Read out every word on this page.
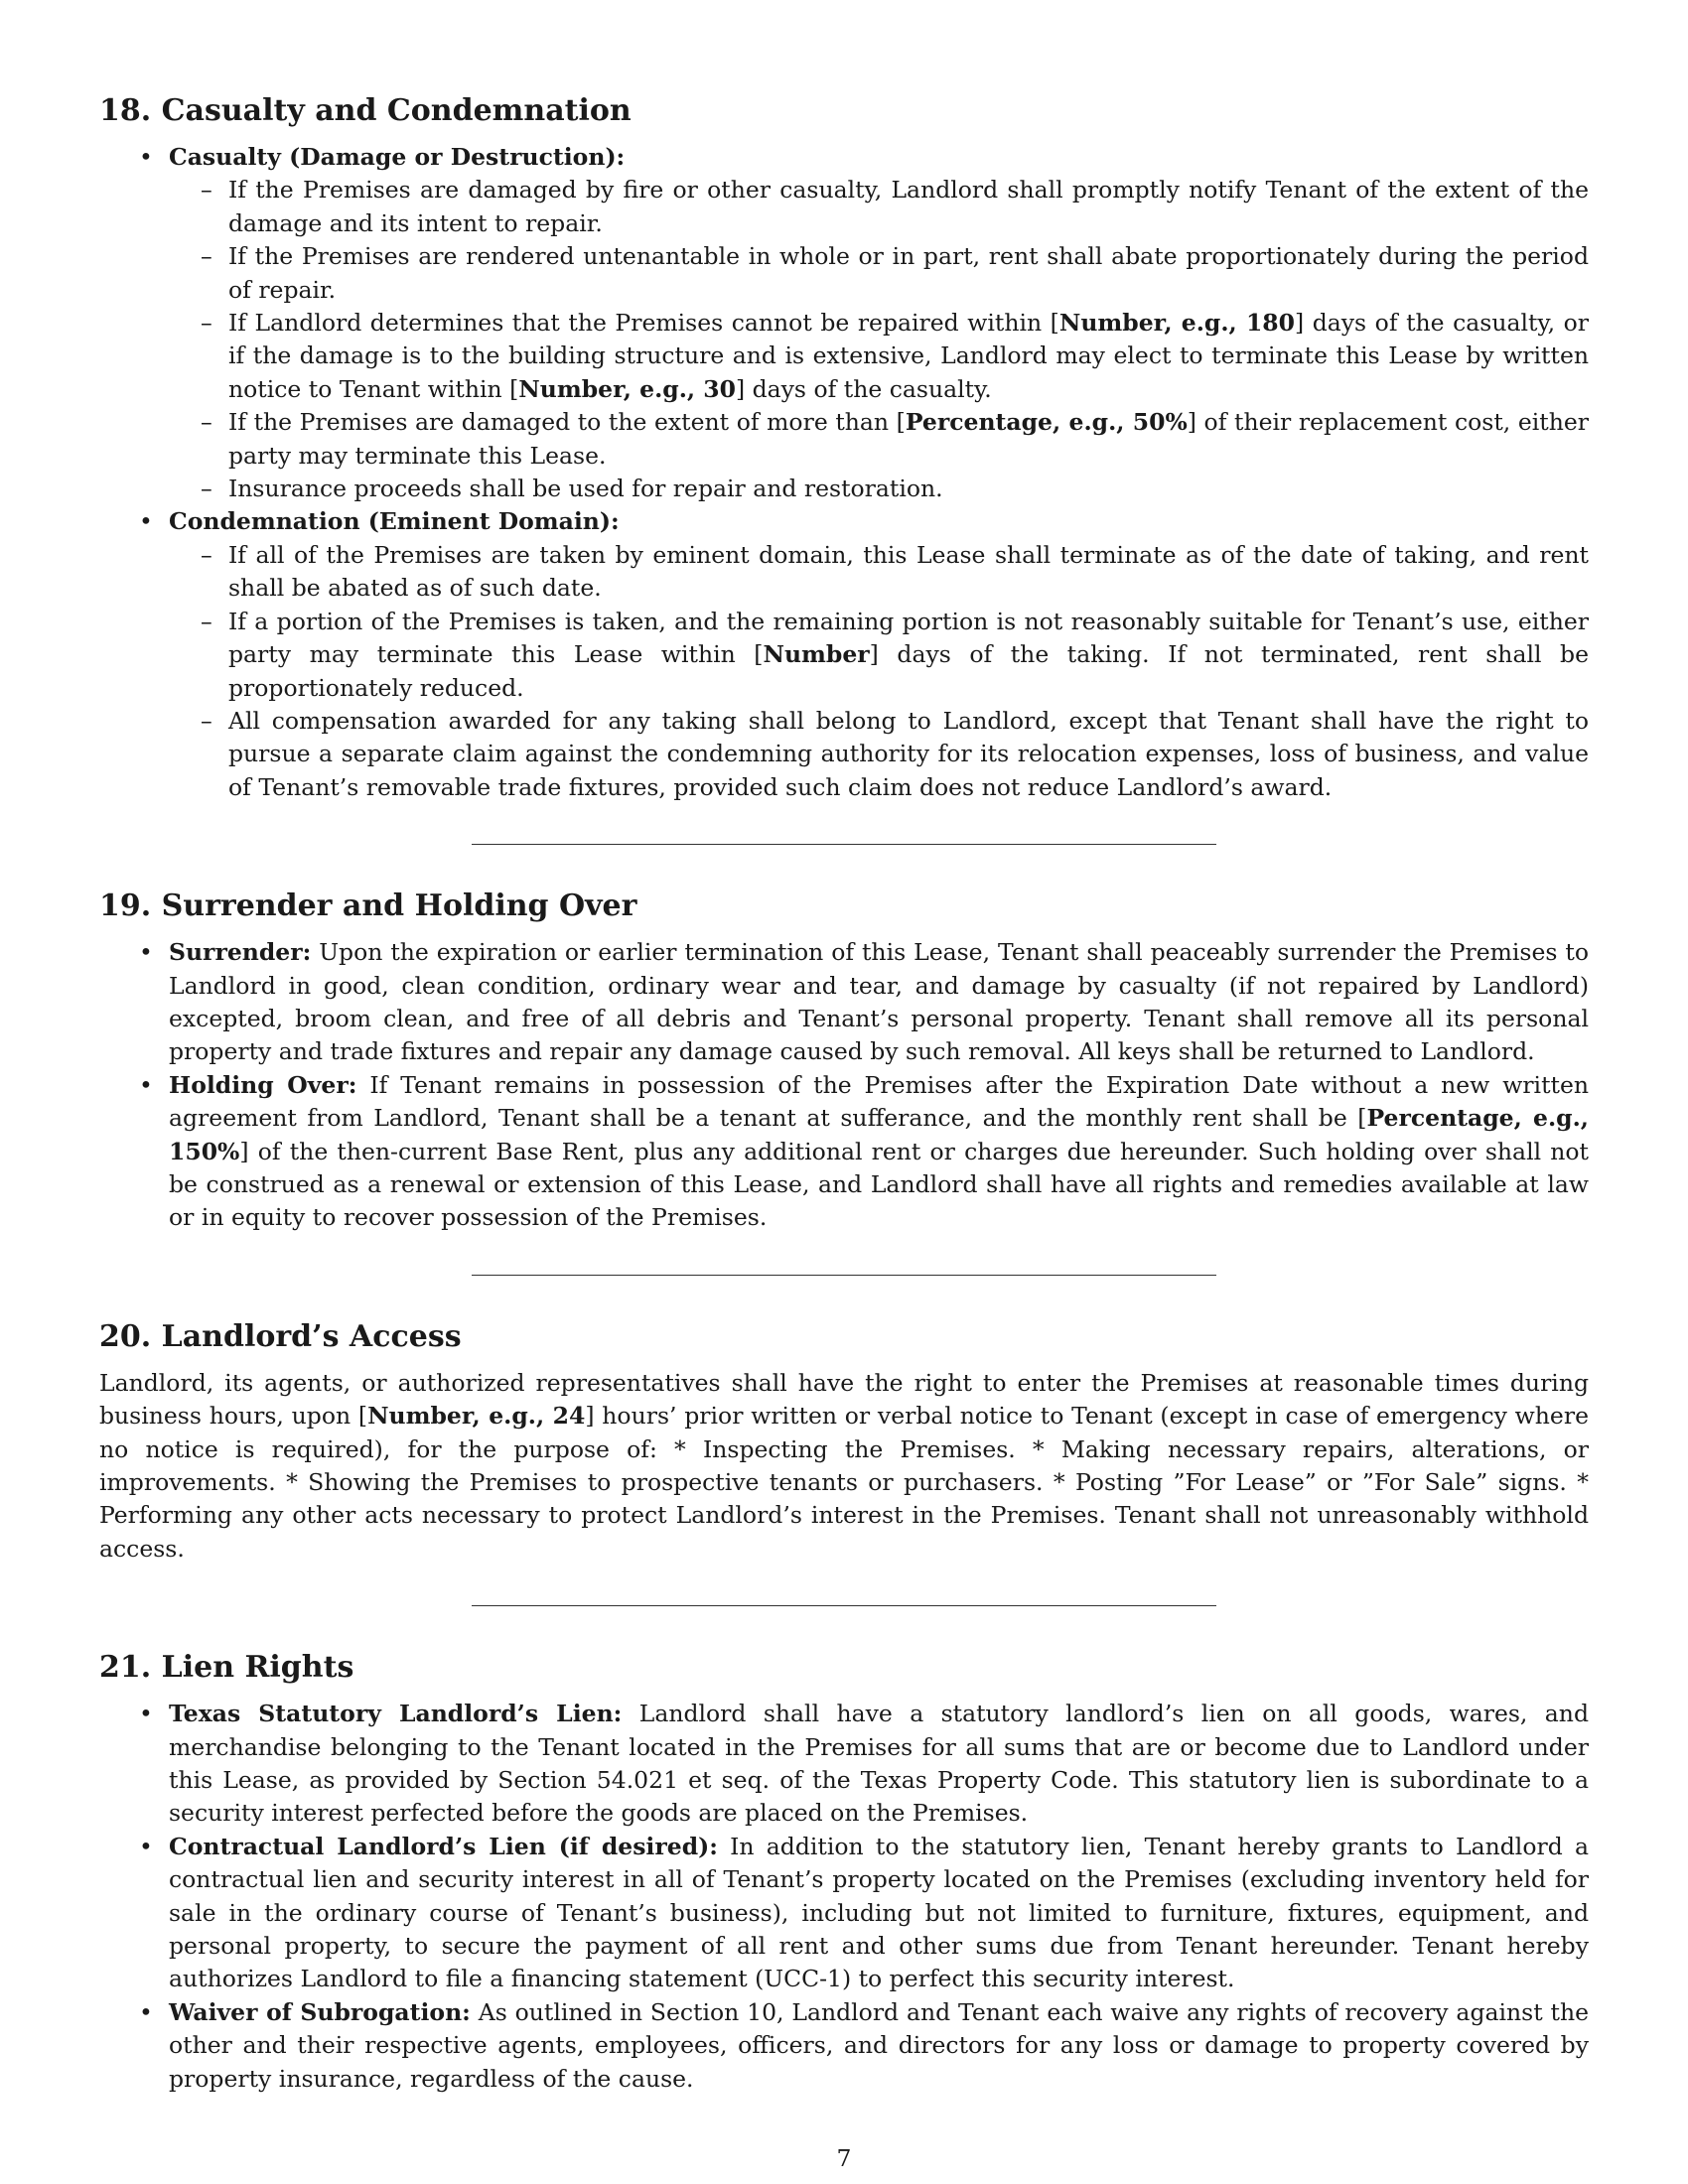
18. Casualty and Condemnation
• Casualty (Damage or Destruction):
– If the Premises are damaged by fire or other casualty, Landlord shall promptly notify Tenant of the extent of the damage and its intent to repair.
– If the Premises are rendered untenantable in whole or in part, rent shall abate proportionately during the period of repair.
– If Landlord determines that the Premises cannot be repaired within [Number, e.g., 180] days of the casualty, or if the damage is to the building structure and is extensive, Landlord may elect to terminate this Lease by written notice to Tenant within [Number, e.g., 30] days of the casualty.
– If the Premises are damaged to the extent of more than [Percentage, e.g., 50%] of their replacement cost, either party may terminate this Lease.
– Insurance proceeds shall be used for repair and restoration.
• Condemnation (Eminent Domain):
– If all of the Premises are taken by eminent domain, this Lease shall terminate as of the date of taking, and rent shall be abated as of such date.
– If a portion of the Premises is taken, and the remaining portion is not reasonably suitable for Tenant’s use, either party may terminate this Lease within [Number] days of the taking. If not terminated, rent shall be proportionately reduced.
– All compensation awarded for any taking shall belong to Landlord, except that Tenant shall have the right to pursue a separate claim against the condemning authority for its relocation expenses, loss of business, and value of Tenant’s removable trade fixtures, provided such claim does not reduce Landlord’s award.
19. Surrender and Holding Over
• Surrender: Upon the expiration or earlier termination of this Lease, Tenant shall peaceably surrender the Premises to Landlord in good, clean condition, ordinary wear and tear, and damage by casualty (if not repaired by Landlord) excepted, broom clean, and free of all debris and Tenant’s personal property. Tenant shall remove all its personal property and trade fixtures and repair any damage caused by such removal. All keys shall be returned to Landlord.
• Holding Over: If Tenant remains in possession of the Premises after the Expiration Date without a new written agreement from Landlord, Tenant shall be a tenant at sufferance, and the monthly rent shall be [Percentage, e.g., 150%] of the then-current Base Rent, plus any additional rent or charges due hereunder. Such holding over shall not be construed as a renewal or extension of this Lease, and Landlord shall have all rights and remedies available at law or in equity to recover possession of the Premises.
20. Landlord’s Access

Landlord, its agents, or authorized representatives shall have the right to enter the Premises at reasonable times during business hours, upon [Number, e.g., 24] hours’ prior written or verbal notice to Tenant (except in case of emergency where no notice is required), for the purpose of: * Inspecting the Premises. * Making necessary repairs, alterations, or improvements. * Showing the Premises to prospective tenants or purchasers. * Posting ”For Lease” or ”For Sale” signs. * Performing any other acts necessary to protect Landlord’s interest in the Premises. Tenant shall not unreasonably withhold access.

21. Lien Rights
• Texas Statutory Landlord’s Lien: Landlord shall have a statutory landlord’s lien on all goods, wares, and merchandise belonging to the Tenant located in the Premises for all sums that are or become due to Landlord under this Lease, as provided by Section 54.021 et seq. of the Texas Property Code. This statutory lien is subordinate to a security interest perfected before the goods are placed on the Premises.
• Contractual Landlord’s Lien (if desired): In addition to the statutory lien, Tenant hereby grants to Landlord a contractual lien and security interest in all of Tenant’s property located on the Premises (excluding inventory held for sale in the ordinary course of Tenant’s business), including but not limited to furniture, fixtures, equipment, and personal property, to secure the payment of all rent and other sums due from Tenant hereunder. Tenant hereby authorizes Landlord to file a financing statement (UCC-1) to perfect this security interest.
• Waiver of Subrogation: As outlined in Section 10, Landlord and Tenant each waive any rights of recovery against the other and their respective agents, employees, officers, and directors for any loss or damage to property covered by property insurance, regardless of the cause.
7
